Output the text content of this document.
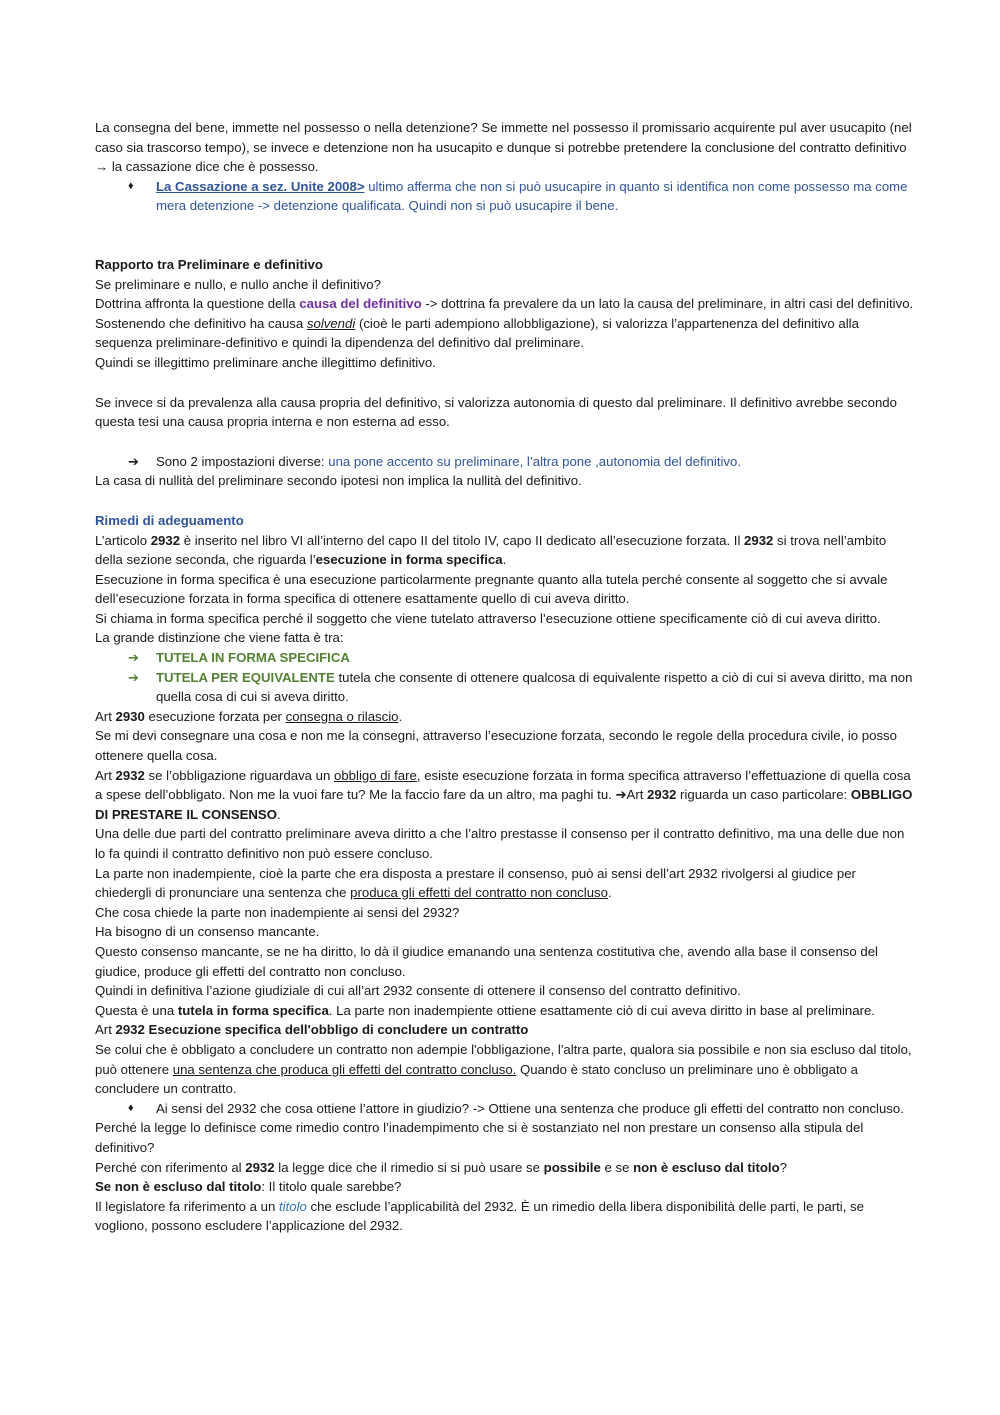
La consegna del bene, immette nel possesso o nella detenzione? Se immette nel possesso il promissario acquirente pul aver usucapito (nel caso sia trascorso tempo), se invece e detenzione non ha usucapito e dunque si potrebbe pretendere la conclusione del contratto definitivo → la cassazione dice che è possesso.

♦ La Cassazione a sez. Unite 2008> ultimo afferma che non si può usucapire in quanto si identifica non come possesso ma come mera detenzione -> detenzione qualificata. Quindi non si può usucapire il bene.

Rapporto tra Preliminare e definitivo

Se preliminare e nullo, e nullo anche il definitivo?

Dottrina affronta la questione della causa del definitivo -> dottrina fa prevalere da un lato la causa del preliminare, in altri casi del definitivo.

Sostenendo che definitivo ha causa solvendi (cioè le parti adempiono allobbligazione), si valorizza l’appartenenza del definitivo alla sequenza preliminare-definitivo e quindi la dipendenza del definitivo dal preliminare.

Quindi se illegittimo preliminare anche illegittimo definitivo.

Se invece si da prevalenza alla causa propria del definitivo, si valorizza autonomia di questo dal preliminare. Il definitivo avrebbe secondo questa tesi una causa propria interna e non esterna ad esso.

➔ Sono 2 impostazioni diverse: una pone accento su preliminare, l’altra pone ,autonomia del definitivo.

La casa di nullità del preliminare secondo ipotesi non implica la nullità del definitivo.

Rimedi di adeguamento

L’articolo 2932 è inserito nel libro VI all’interno del capo II del titolo IV, capo II dedicato all’esecuzione forzata. Il 2932 si trova nell’ambito della sezione seconda, che riguarda l’esecuzione in forma specifica.

Esecuzione in forma specifica è una esecuzione particolarmente pregnante quanto alla tutela perché consente al soggetto che si avvale dell’esecuzione forzata in forma specifica di ottenere esattamente quello di cui aveva diritto.

Si chiama in forma specifica perché il soggetto che viene tutelato attraverso l’esecuzione ottiene specificamente ciò di cui aveva diritto.

La grande distinzione che viene fatta è tra:

➔ TUTELA IN FORMA SPECIFICA
➔ TUTELA PER EQUIVALENTE tutela che consente di ottenere qualcosa di equivalente rispetto a ciò di cui si aveva diritto, ma non quella cosa di cui si aveva diritto.

Art 2930 esecuzione forzata per consegna o rilascio.

Se mi devi consegnare una cosa e non me la consegni, attraverso l’esecuzione forzata, secondo le regole della procedura civile, io posso ottenere quella cosa.

Art 2932 se l’obbligazione riguardava un obbligo di fare, esiste esecuzione forzata in forma specifica attraverso l’effettuazione di quella cosa a spese dell’obbligato. Non me la vuoi fare tu? Me la faccio fare da un altro, ma paghi tu. ➔Art 2932 riguarda un caso particolare: OBBLIGO DI PRESTARE IL CONSENSO.

Una delle due parti del contratto preliminare aveva diritto a che l’altro prestasse il consenso per il contratto definitivo, ma una delle due non lo fa quindi il contratto definitivo non può essere concluso.

La parte non inadempiente, cioè la parte che era disposta a prestare il consenso, può ai sensi dell’art 2932 rivolgersi al giudice per chiedergli di pronunciare una sentenza che produca gli effetti del contratto non concluso.

Che cosa chiede la parte non inadempiente ai sensi del 2932?

Ha bisogno di un consenso mancante.

Questo consenso mancante, se ne ha diritto, lo dà il giudice emanando una sentenza costitutiva che, avendo alla base il consenso del giudice, produce gli effetti del contratto non concluso.

Quindi in definitiva l’azione giudiziale di cui all’art 2932 consente di ottenere il consenso del contratto definitivo.

Questa è una tutela in forma specifica. La parte non inadempiente ottiene esattamente ciò di cui aveva diritto in base al preliminare.

Art 2932 Esecuzione specifica dell'obbligo di concludere un contratto

Se colui che è obbligato a concludere un contratto non adempie l'obbligazione, l'altra parte, qualora sia possibile e non sia escluso dal titolo, può ottenere una sentenza che produca gli effetti del contratto concluso. Quando è stato concluso un preliminare uno è obbligato a concludere un contratto.

♦ Ai sensi del 2932 che cosa ottiene l’attore in giudizio? -> Ottiene una sentenza che produce gli effetti del contratto non concluso.

Perché la legge lo definisce come rimedio contro l’inadempimento che si è sostanziato nel non prestare un consenso alla stipula del definitivo?

Perché con riferimento al 2932 la legge dice che il rimedio si si può usare se possibile e se non è escluso dal titolo?

Se non è escluso dal titolo: Il titolo quale sarebbe?

Il legislatore fa riferimento a un titolo che esclude l’applicabilità del 2932. È un rimedio della libera disponibilità delle parti, le parti, se vogliono, possono escludere l’applicazione del 2932.
